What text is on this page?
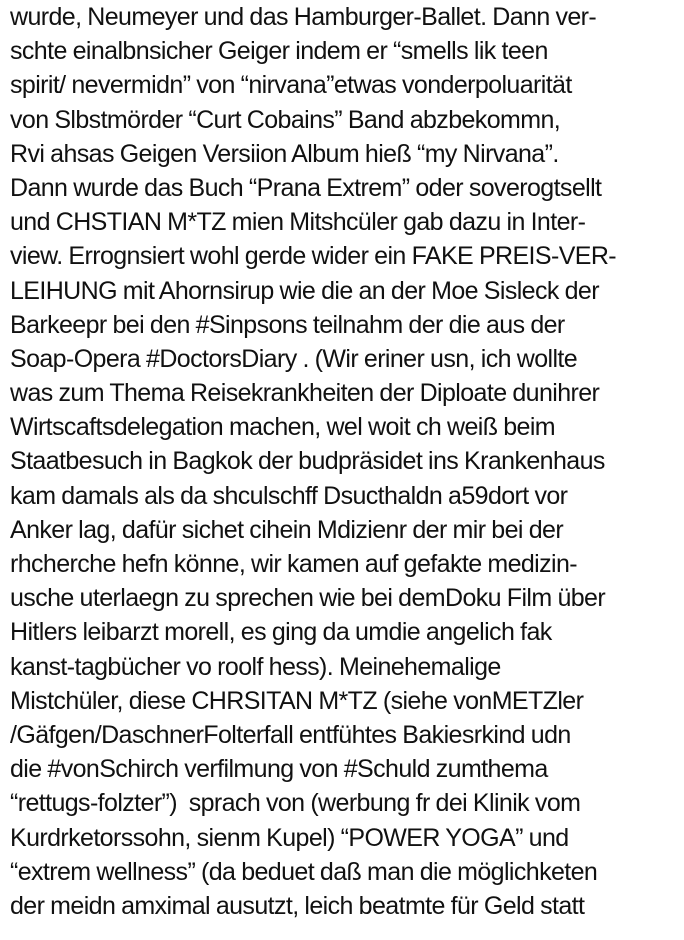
wurde, Neumeyer und das Hamburger-Ballet. Dann ver-
schte einalbnsicher Geiger indem er “smells lik teen
spirit/ nevermidn” von “nirvana”etwas vonderpoluarität
von Slbstmörder “Curt Cobains” Band abzbekommn,
Rvi ahsas Geigen Versiion Album hieß “my Nirvana”.
Dann wurde das Buch “Prana Extrem” oder soverogtsellt
und CHSTIAN M*TZ mien Mitshcüler gab dazu in Inter-
view. Errognsiert wohl gerde wider ein FAKE PREIS-VER-
LEIHUNG mit Ahornsirup wie die an der Moe Sisleck der
Barkeepr bei den #Sinpsons teilnahm der die aus der
Soap-Opera #DoctorsDiary . (Wir eriner usn, ich wollte
was zum Thema Reisekrankheiten der Diploate dunihrer
Wirtscaftsdelegation machen, wel woit ch weiß beim
Staatbesuch in Bagkok der budpräsidet ins Krankenhaus
kam damals als da shculschff Dsucthaldn a59dort vor
Anker lag, dafür sichet cihein Mdizienr der mir bei der
rhcherche hefn könne, wir kamen auf gefakte medizin-
usche uterlaegn zu sprechen wie bei demDoku Film über
Hitlers leibarzt morell, es ging da umdie angelich fak
kanst-tagbücher vo roolf hess). Meinehemalige
Mistchüler, diese CHRSITAN M*TZ (siehe vonMETZler
/Gäfgen/DaschnerFolterfall entfühtes Bakiesrkind udn
die #vonSchirch verfilmung von #Schuld zumthema
“rettugs-folzter”)  sprach von (werbung fr dei Klinik vom
Kurdrketorssohn, sienm Kupel) “POWER YOGA” und
“extrem wellness” (da beduet daß man die möglichketen
der meidn amximal ausutzt, leich beatmte für Geld statt
